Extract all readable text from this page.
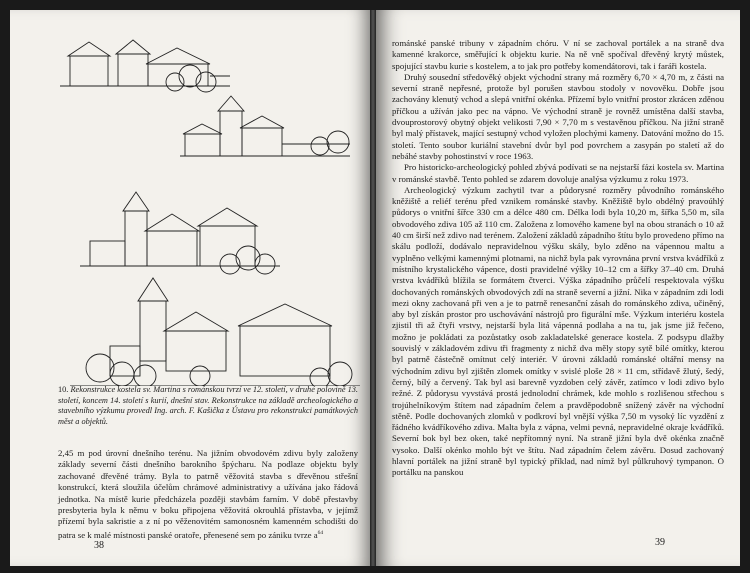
10. Rekonstrukce kostela sv. Martina s románskou tvrzí ve 12. století, v druhé polovině 13. století, koncem 14. století s kurií, dnešní stav. Rekonstrukce na základě archeologického a stavebního výzkumu provedl Ing. arch. F. Kašička z Ústavu pro rekonstrukci památkových měst a objektů.

2,45 m pod úrovní dnešního terénu. Na jižním obvodovém zdivu byly založeny základy severní části dnešního barokního špýcharu. Na podlaze objektu byly zachované dřevěné trámy. Byla to patrně věžovitá stavba s dřevěnou střešní konstrukcí, která sloužila účelům chrámové administrativy a užívána jako řádová jednotka. Na místě kurie předcházela později stavbám farním. V době přestavby presbyteria byla k němu v boku připojena věžovitá okrouhlá přístavba, v jejímž přízemí byla sakristie a z ní po věženovitém samonosném kamenném schodišti do patra se k malé místnosti panské oratoře, přenesené sem po zániku tvrze $a^{64}$

38

románské panské tribuny v západním chóru. V ní se zachoval portálek a na straně dva kamenné krakorce, směřující k objektu kurie. Na ně vně spočíval dřevěný krytý můstek, spojující stavbu kurie s kostelem, a to jak pro potřeby komendátorovi, tak i faráři kostela.

Druhý sousední středověký objekt východní strany má rozměry 6,70 × 4,70 m, z části na severní straně nepřesné, protože byl porušen stavbou stodoly v novověku. Dobře jsou zachovány klenutý vchod a slepá vnitřní okénka. Přízemí bylo vnitřní prostor zkrácen zděnou příčkou a užíván jako pec na vápno. Ve východní straně je rovněž umístěna další stavba, dvouprostorový obytný objekt velikosti 7,90 × 7,70 m s vestavěnou příčkou. Na jižní straně byl malý přístavek, mající sestupný vchod vyložen plochými kameny. Datování možno do 15. století. Tento soubor kuriální stavební dvůr byl pod povrchem a zasypán po staletí až do nebáhé stavby pohostinství v roce 1963.

Pro historicko-archeologický pohled zbývá podívati se na nejstarší fázi kostela sv. Martina v románské stavbě. Tento pohled se zdarem dovoluje analýsa výzkumu z roku 1973.

Archeologický výzkum zachytil tvar a půdorysné rozměry původního románského kněžiště a reliéf terénu před vznikem románské stavby. Kněžiště bylo obdélný pravoúhlý půdorys o vnitřní šířce 330 cm a délce 480 cm. Délka lodi byla 10,20 m, šířka 5,50 m, síla obvodového zdiva 105 až 110 cm. Založena z lomového kamene byl na obou stranách o 10 až 40 cm širší než zdivo nad terénem. Založení základů západního štítu bylo provedeno přímo na skálu podloží, dodávalo nepravidelnou výšku skály, bylo zděno na vápennou maltu a vyplněno velkými kamennými plotnami, na nichž byla pak vyrovnána první vrstva kvádříků z místního krystalického vápence, dosti pravidelné výšky 10–12 cm a šířky 37–40 cm. Druhá vrstva kvádříků blížila se formátem čtverci. Výška západního průčelí respektovala výšku dochovaných románských obvodových zdí na straně severní a jižní. Nika v západním zdi lodi mezi okny zachovaná při ven a je to patrně renesanční zásah do románského zdiva, učiněný, aby byl získán prostor pro uschovávání nástrojů pro figurální mše. Výzkum interiéru kostela zjistil tři až čtyři vrstvy, nejstarší byla litá vápenná podlaha a na tu, jak jsme již řečeno, možno je pokládati za pozůstatky osob zakladatelské generace kostela. Z podsypu dlažby souvislý v základovém zdivu tři fragmenty z nichž dva měly stopy sytě bílé omítky, kterou byl patrně částečně omítnut celý interiér. V úrovni základů románské oltářní mensy na východním zdivu byl zjištěn zlomek omítky v svislé ploše 28 × 11 cm, střídavě žlutý, šedý, černý, bílý a červený. Tak byl asi barevně vyzdoben celý závěr, zatímco v lodi zdivo bylo režné. Z půdorysu vyvstává prostá jednolodní chrámek, kde mohlo s rozlišenou střechou s trojúhelníkovým štítem nad západním čelem a pravděpodobně snížený závěr na východní stěně. Podle dochovaných zlomků v podkroví byl vnější výška 7,50 m vysoký líc vyzdění z řádného kvádříkového zdiva. Malta byla z vápna, velmi pevná, nepravidelné okraje kvádříků. Severní bok byl bez oken, také nepřítomný nyní. Na straně jižní byla dvě okénka značně vysoko. Další okénko mohlo být ve štítu. Nad západním čelem závěru. Dosud zachovaný hlavní portálek na jižní straně byl typický příklad, nad nímž byl půlkruhový tympanon. O portálku na panskou

39
